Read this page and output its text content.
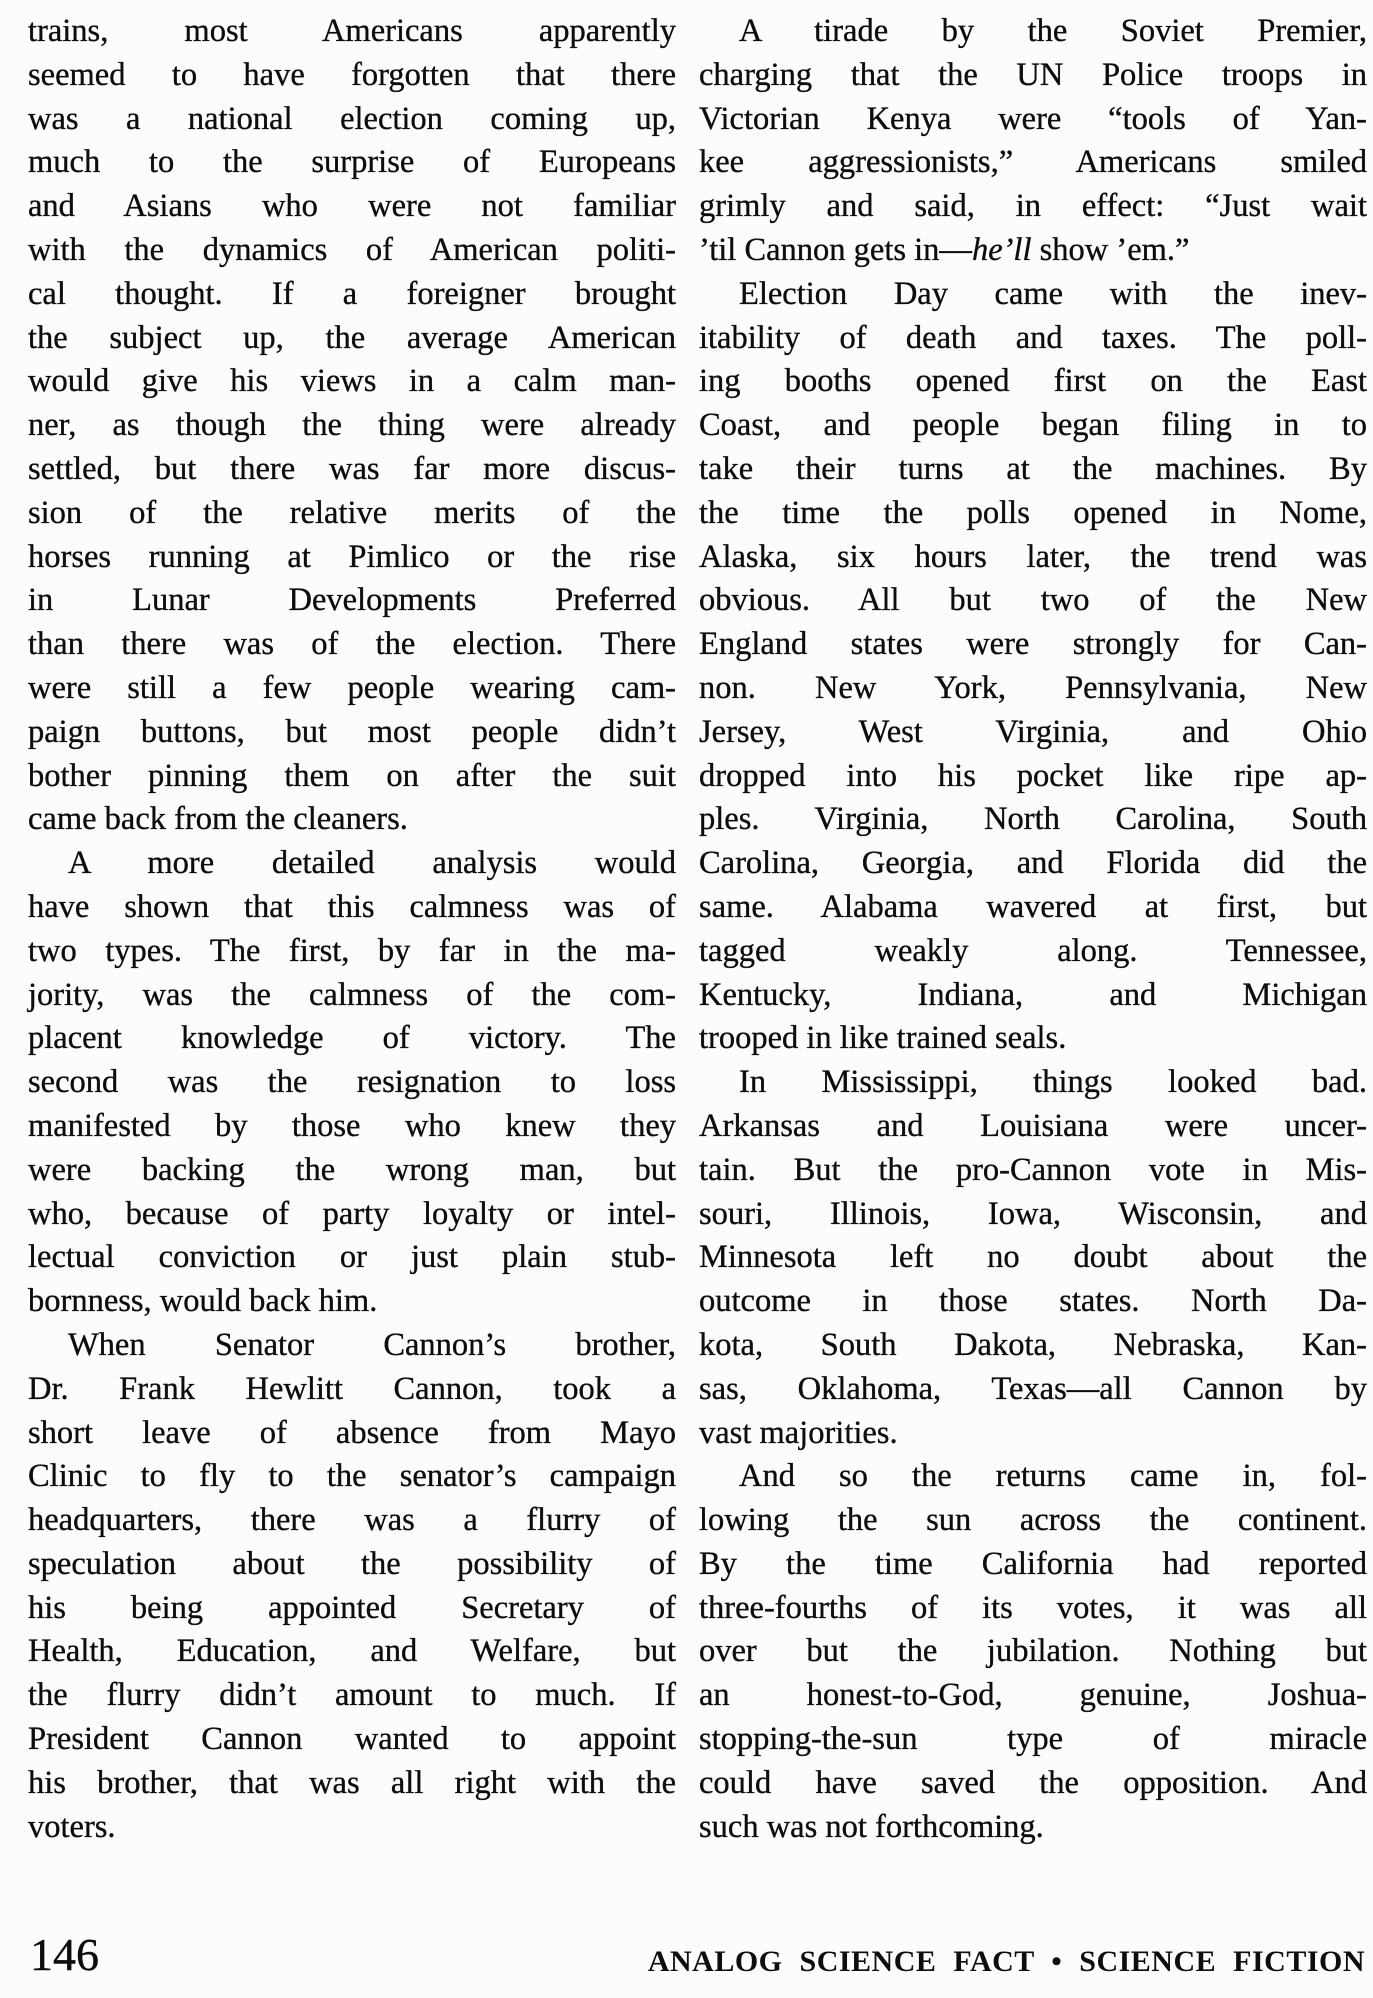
trains, most Americans apparently
seemed to have forgotten that there
was a national election coming up,
much to the surprise of Europeans
and Asians who were not familiar
with the dynamics of American politi-
cal thought. If a foreigner brought
the subject up, the average American
would give his views in a calm man-
ner, as though the thing were already
settled, but there was far more discus-
sion of the relative merits of the
horses running at Pimlico or the rise
in Lunar Developments Preferred
than there was of the election. There
were still a few people wearing cam-
paign buttons, but most people didn’t
bother pinning them on after the suit
came back from the cleaners.
A more detailed analysis would
have shown that this calmness was of
two types. The first, by far in the ma-
jority, was the calmness of the com-
placent knowledge of victory. The
second was the resignation to loss
manifested by those who knew they
were backing the wrong man, but
who, because of party loyalty or intel-
lectual conviction or just plain stub-
bornness, would back him.
When Senator Cannon’s brother,
Dr. Frank Hewlitt Cannon, took a
short leave of absence from Mayo
Clinic to fly to the senator’s campaign
headquarters, there was a flurry of
speculation about the possibility of
his being appointed Secretary of
Health, Education, and Welfare, but
the flurry didn’t amount to much. If
President Cannon wanted to appoint
his brother, that was all right with the
voters.
A tirade by the Soviet Premier,
charging that the UN Police troops in
Victorian Kenya were “tools of Yan-
kee aggressionists,” Americans smiled
grimly and said, in effect: “Just wait
’til Cannon gets in—he’ll show ’em.”
Election Day came with the inev-
itability of death and taxes. The poll-
ing booths opened first on the East
Coast, and people began filing in to
take their turns at the machines. By
the time the polls opened in Nome,
Alaska, six hours later, the trend was
obvious. All but two of the New
England states were strongly for Can-
non. New York, Pennsylvania, New
Jersey, West Virginia, and Ohio
dropped into his pocket like ripe ap-
ples. Virginia, North Carolina, South
Carolina, Georgia, and Florida did the
same. Alabama wavered at first, but
tagged weakly along. Tennessee,
Kentucky, Indiana, and Michigan
trooped in like trained seals.
In Mississippi, things looked bad.
Arkansas and Louisiana were uncer-
tain. But the pro-Cannon vote in Mis-
souri, Illinois, Iowa, Wisconsin, and
Minnesota left no doubt about the
outcome in those states. North Da-
kota, South Dakota, Nebraska, Kan-
sas, Oklahoma, Texas—all Cannon by
vast majorities.
And so the returns came in, fol-
lowing the sun across the continent.
By the time California had reported
three-fourths of its votes, it was all
over but the jubilation. Nothing but
an honest-to-God, genuine, Joshua-
stopping-the-sun type of miracle
could have saved the opposition. And
such was not forthcoming.
146	ANALOG SCIENCE FACT • SCIENCE FICTION
